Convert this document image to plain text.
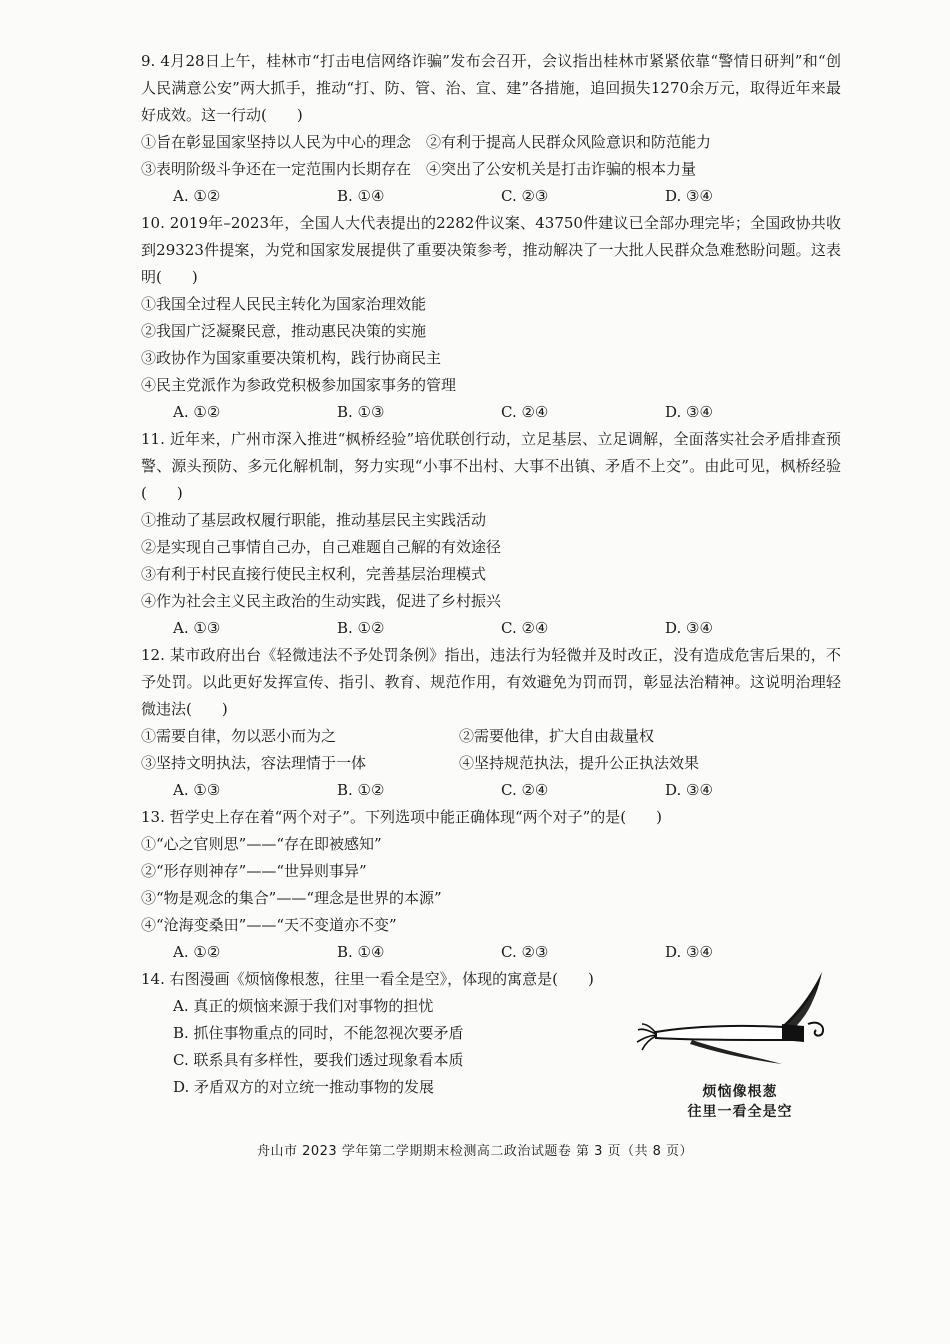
9. 4月28日上午，桂林市“打击电信网络诈骗”发布会召开，会议指出桂林市紧紧依靠“警情日研判”和“创人民满意公安”两大抓手，推动“打、防、管、治、宣、建”各措施，追回损失1270余万元，取得近年来最好成效。这一行动(　　)
①旨在彰显国家坚持以人民为中心的理念　 ②有利于提高人民群众风险意识和防范能力
③表明阶级斗争还在一定范围内长期存在　 ④突出了公安机关是打击诈骗的根本力量
A. ①②	B. ①④	C. ②③	D. ③④
10. 2019年–2023年，全国人大代表提出的2282件议案、43750件建议已全部办理完毕；全国政协共收到29323件提案，为党和国家发展提供了重要决策参考，推动解决了一大批人民群众急难愁盼问题。这表明(　　)
①我国全过程人民民主转化为国家治理效能
②我国广泛凝聚民意，推动惠民决策的实施
③政协作为国家重要决策机构，践行协商民主
④民主党派作为参政党积极参加国家事务的管理
A. ①②	B. ①③	C. ②④	D. ③④
11. 近年来，广州市深入推进“枫桥经验”培优联创行动，立足基层、立足调解，全面落实社会矛盾排查预警、源头预防、多元化解机制，努力实现“小事不出村、大事不出镇、矛盾不上交”。由此可见，枫桥经验(　　)
①推动了基层政权履行职能，推动基层民主实践活动
②是实现自己事情自己办，自己难题自己解的有效途径
③有利于村民直接行使民主权利，完善基层治理模式
④作为社会主义民主政治的生动实践，促进了乡村振兴
A. ①③	B. ①②	C. ②④	D. ③④
12. 某市政府出台《轻微违法不予处罚条例》指出，违法行为轻微并及时改正，没有造成危害后果的，不予处罚。以此更好发挥宣传、指引、教育、规范作用，有效避免为罚而罚，彰显法治精神。这说明治理轻微违法(　　)
①需要自律，勿以恶小而为之	②需要他律，扩大自由裁量权
③坚持文明执法，容法理情于一体	④坚持规范执法，提升公正执法效果
A. ①③	B. ①②	C. ②④	D. ③④
13. 哲学史上存在着“两个对子”。下列选项中能正确体现“两个对子”的是(　　)
①“心之官则思”——“存在即被感知”
②“形存则神存”——“世异则事异”
③“物是观念的集合”——“理念是世界的本源”
④“沧海变桑田”——“天不变道亦不变”
A. ①②	B. ①④	C. ②③	D. ③④
14. 右图漫画《烦恼像根葱，往里一看全是空》，体现的寓意是(　　)
A. 真正的烦恼来源于我们对事物的担忧
B. 抓住事物重点的同时，不能忽视次要矛盾
C. 联系具有多样性，要我们透过现象看本质
D. 矛盾双方的对立统一推动事物的发展	烦恼像根葱
往里一看全是空
舟山市 2023 学年第二学期期末检测高二政治试题卷 第 3 页（共 8 页）
